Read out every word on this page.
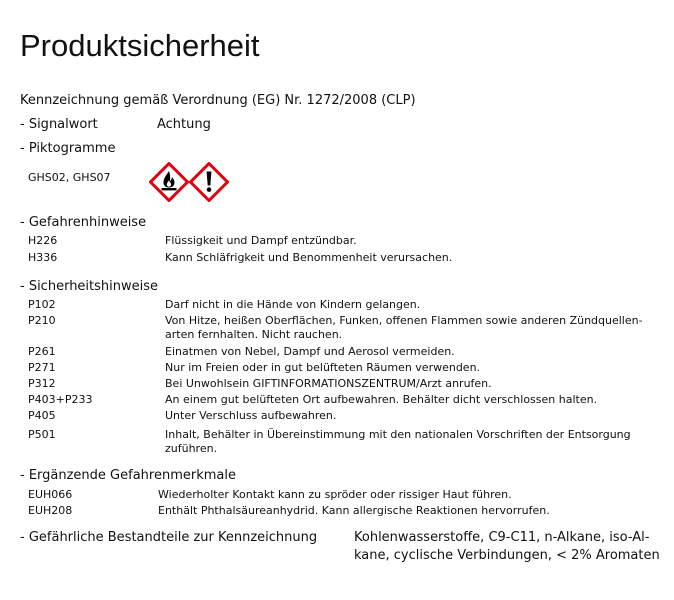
Produktsicherheit
Kennzeichnung gemäß Verordnung (EG) Nr. 1272/2008 (CLP)
- Signalwort	Achtung
- Piktogramme
GHS02, GHS07
- Gefahrenhinweise
H226	Flüssigkeit und Dampf entzündbar.
H336	Kann Schläfrigkeit und Benommenheit verursachen.
- Sicherheitshinweise
P102	Darf nicht in die Hände von Kindern gelangen.
P210	Von Hitze, heißen Oberflächen, Funken, offenen Flammen sowie anderen Zündquellen-
arten fernhalten. Nicht rauchen.
P261	Einatmen von Nebel, Dampf und Aerosol vermeiden.
P271	Nur im Freien oder in gut belüfteten Räumen verwenden.
P312	Bei Unwohlsein GIFTINFORMATIONSZENTRUM/Arzt anrufen.
P403+P233	An einem gut belüfteten Ort aufbewahren. Behälter dicht verschlossen halten.
P405	Unter Verschluss aufbewahren.
P501	Inhalt, Behälter in Übereinstimmung mit den nationalen Vorschriften der Entsorgung
zuführen.
- Ergänzende Gefahrenmerkmale
EUH066	Wiederholter Kontakt kann zu spröder oder rissiger Haut führen.
EUH208	Enthält Phthalsäureanhydrid. Kann allergische Reaktionen hervorrufen.
- Gefährliche Bestandteile zur Kennzeichnung	Kohlenwasserstoffe, C9-C11, n-Alkane, iso-Al-
kane, cyclische Verbindungen, < 2% Aromaten
